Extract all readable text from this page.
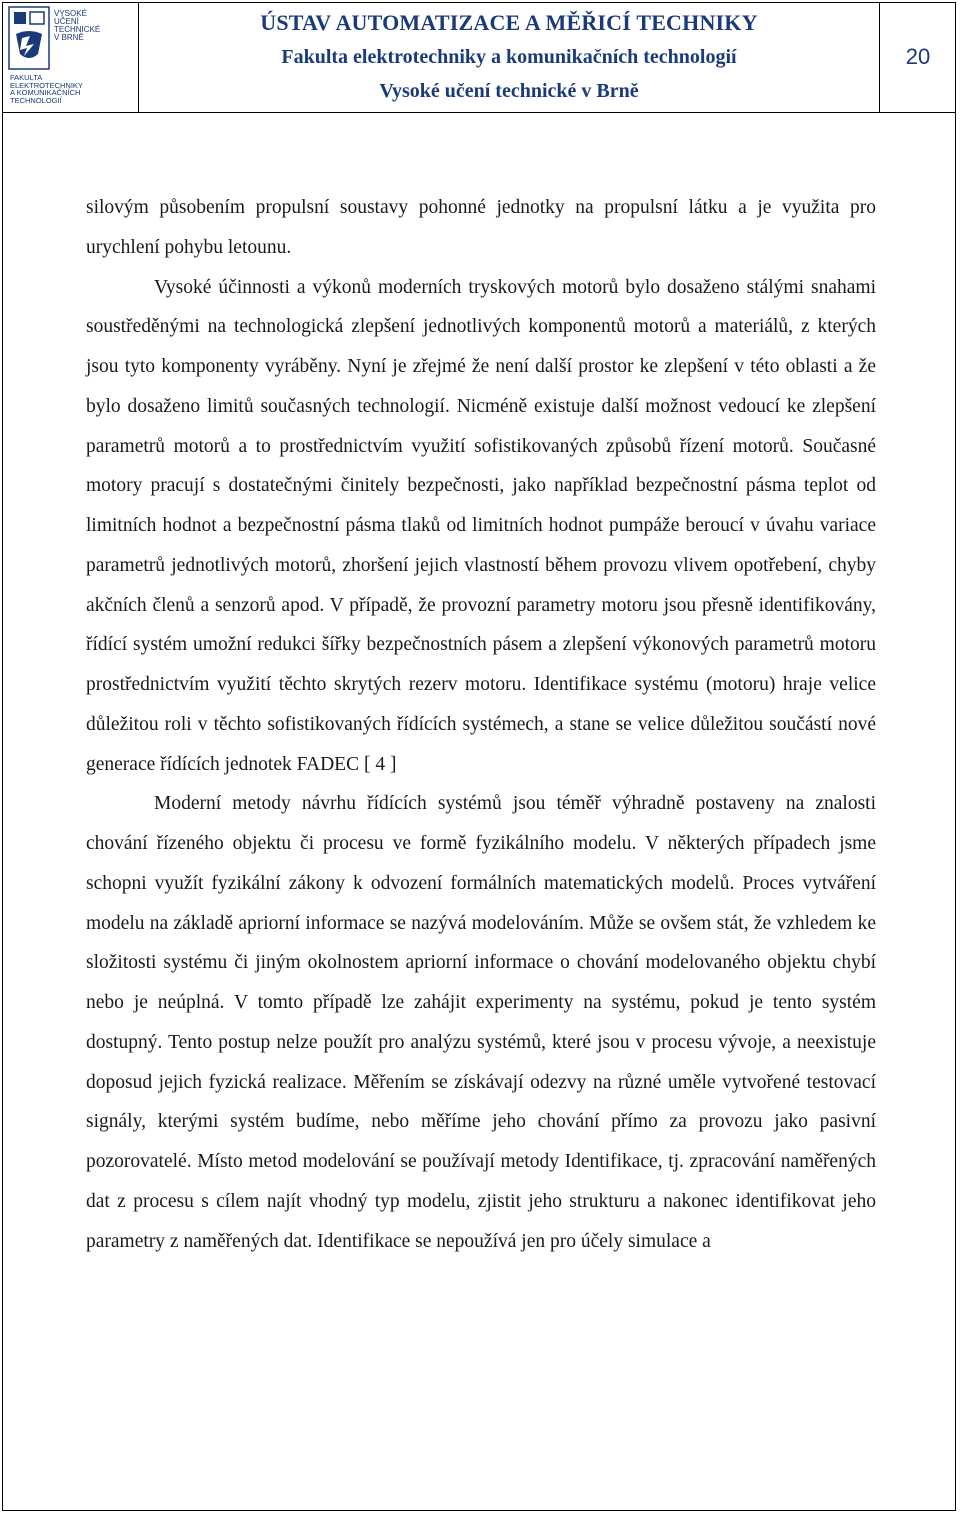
VYSOKÉ
UČENÍ
TECHNICKÉ
V BRNĚ
FAKULTA
ELEKTROTECHNIKY
A KOMUNIKAČNÍCH
TECHNOLOGIÍ
ÚSTAV AUTOMATIZACE A MĚŘICÍ TECHNIKY
Fakulta elektrotechniky a komunikačních technologií
Vysoké učení technické v Brně
20

silovým působením propulsní soustavy pohonné jednotky na propulsní látku a je využita pro urychlení pohybu letounu.

Vysoké účinnosti a výkonů moderních tryskových motorů bylo dosaženo stálými snahami soustředěnými na technologická zlepšení jednotlivých komponentů motorů a materiálů, z kterých jsou tyto komponenty vyráběny. Nyní je zřejmé že není další prostor ke zlepšení v této oblasti a že bylo dosaženo limitů současných technologií. Nicméně existuje další možnost vedoucí ke zlepšení parametrů motorů a to prostřednictvím využití sofistikovaných způsobů řízení motorů. Současné motory pracují s dostatečnými činitely bezpečnosti, jako například bezpečnostní pásma teplot od limitních hodnot a bezpečnostní pásma tlaků od limitních hodnot pumpáže beroucí v úvahu variace parametrů jednotlivých motorů, zhoršení jejich vlastností během provozu vlivem opotřebení, chyby akčních členů a senzorů apod. V případě, že provozní parametry motoru jsou přesně identifikovány, řídící systém umožní redukci šířky bezpečnostních pásem a zlepšení výkonových parametrů motoru prostřednictvím využití těchto skrytých rezerv motoru. Identifikace systému (motoru) hraje velice důležitou roli v těchto sofistikovaných řídících systémech, a stane se velice důležitou součástí nové generace řídících jednotek FADEC [ 4 ]

Moderní metody návrhu řídících systémů jsou téměř výhradně postaveny na znalosti chování řízeného objektu či procesu ve formě fyzikálního modelu. V některých případech jsme schopni využít fyzikální zákony k odvození formálních matematických modelů. Proces vytváření modelu na základě apriorní informace se nazývá modelováním. Může se ovšem stát, že vzhledem ke složitosti systému či jiným okolnostem apriorní informace o chování modelovaného objektu chybí nebo je neúplná. V tomto případě lze zahájit experimenty na systému, pokud je tento systém dostupný. Tento postup nelze použít pro analýzu systémů, které jsou v procesu vývoje, a neexistuje doposud jejich fyzická realizace. Měřením se získávají odezvy na různé uměle vytvořené testovací signály, kterými systém budíme, nebo měříme jeho chování přímo za provozu jako pasivní pozorovatelé. Místo metod modelování se používají metody Identifikace, tj. zpracování naměřených dat z procesu s cílem najít vhodný typ modelu, zjistit jeho strukturu a nakonec identifikovat jeho parametry z naměřených dat. Identifikace se nepoužívá jen pro účely simulace a
